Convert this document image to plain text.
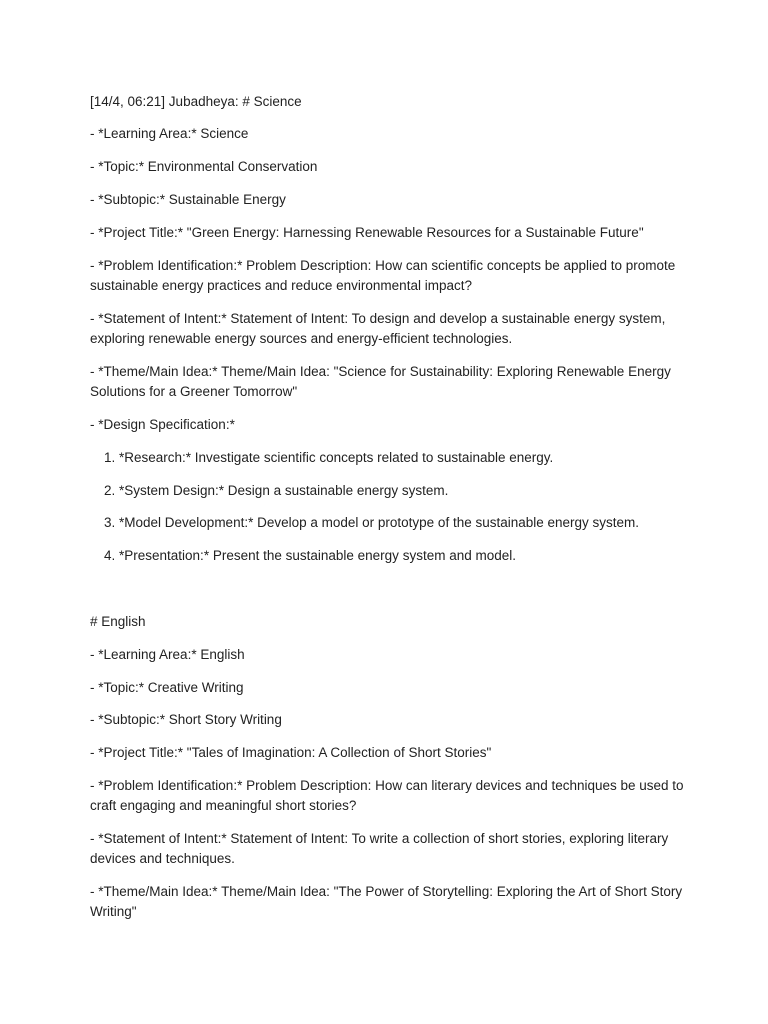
[14/4, 06:21] Jubadheya: # Science

- *Learning Area:* Science

- *Topic:* Environmental Conservation

- *Subtopic:* Sustainable Energy

- *Project Title:* "Green Energy: Harnessing Renewable Resources for a Sustainable Future"

- *Problem Identification:* Problem Description: How can scientific concepts be applied to promote sustainable energy practices and reduce environmental impact?

- *Statement of Intent:* Statement of Intent: To design and develop a sustainable energy system, exploring renewable energy sources and energy-efficient technologies.

- *Theme/Main Idea:* Theme/Main Idea: "Science for Sustainability: Exploring Renewable Energy Solutions for a Greener Tomorrow"

- *Design Specification:*

1. *Research:* Investigate scientific concepts related to sustainable energy.

2. *System Design:* Design a sustainable energy system.

3. *Model Development:* Develop a model or prototype of the sustainable energy system.

4. *Presentation:* Present the sustainable energy system and model.

# English

- *Learning Area:* English

- *Topic:* Creative Writing

- *Subtopic:* Short Story Writing

- *Project Title:* "Tales of Imagination: A Collection of Short Stories"

- *Problem Identification:* Problem Description: How can literary devices and techniques be used to craft engaging and meaningful short stories?

- *Statement of Intent:* Statement of Intent: To write a collection of short stories, exploring literary devices and techniques.

- *Theme/Main Idea:* Theme/Main Idea: "The Power of Storytelling: Exploring the Art of Short Story Writing"
